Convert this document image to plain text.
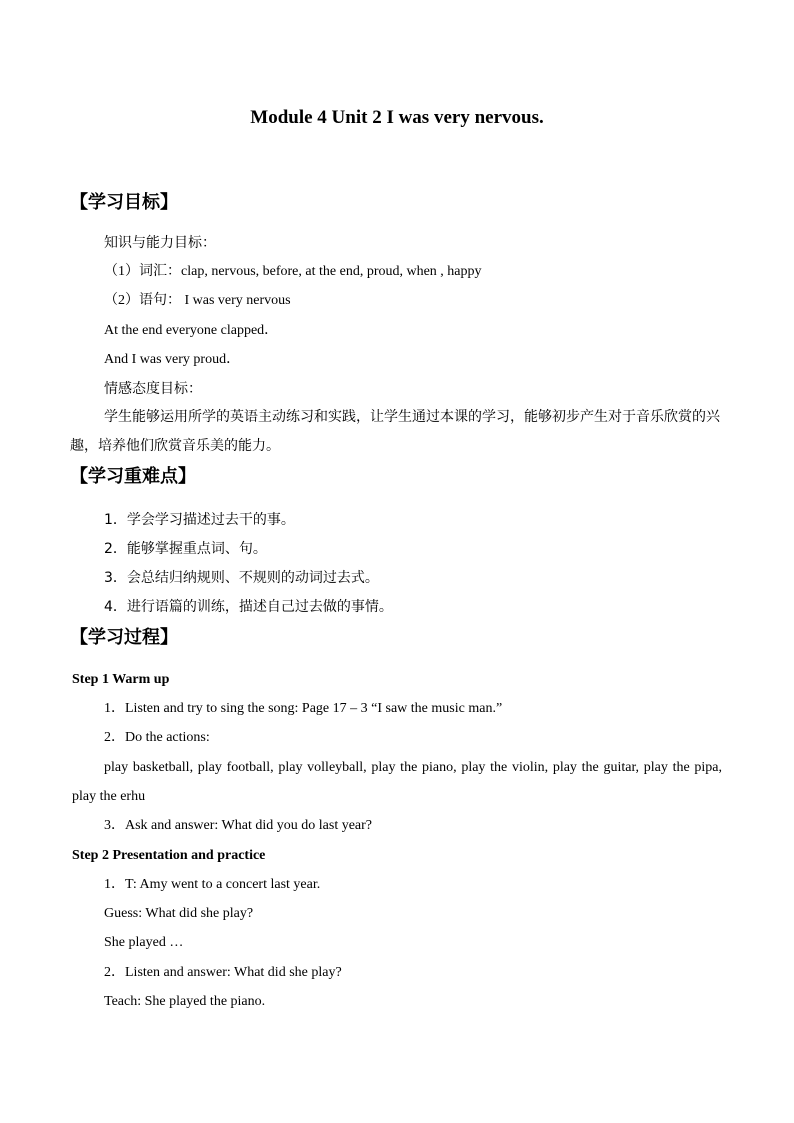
Module 4 Unit 2 I was very nervous.
【学习目标】
知识与能力目标：
（1）词汇：clap, nervous, before, at the end, proud, when , happy
（2）语句： I was very nervous
At the end everyone clapped．
And I was very proud．
情感态度目标：
学生能够运用所学的英语主动练习和实践，让学生通过本课的学习，能够初步产生对于音乐欣赏的兴趣，培养他们欣赏音乐美的能力。
【学习重难点】
1．学会学习描述过去干的事。
2．能够掌握重点词、句。
3．会总结归纳规则、不规则的动词过去式。
4．进行语篇的训练，描述自己过去做的事情。
【学习过程】
Step 1 Warm up
1．Listen and try to sing the song: Page 17 – 3 “I saw the music man.”
2．Do the actions:
play basketball, play football, play volleyball, play the piano, play the violin, play the guitar, play the pipa, play the erhu
3．Ask and answer: What did you do last year?
Step 2 Presentation and practice
1．T: Amy went to a concert last year.
Guess: What did she play?
She played …
2．Listen and answer: What did she play?
Teach: She played the piano.
